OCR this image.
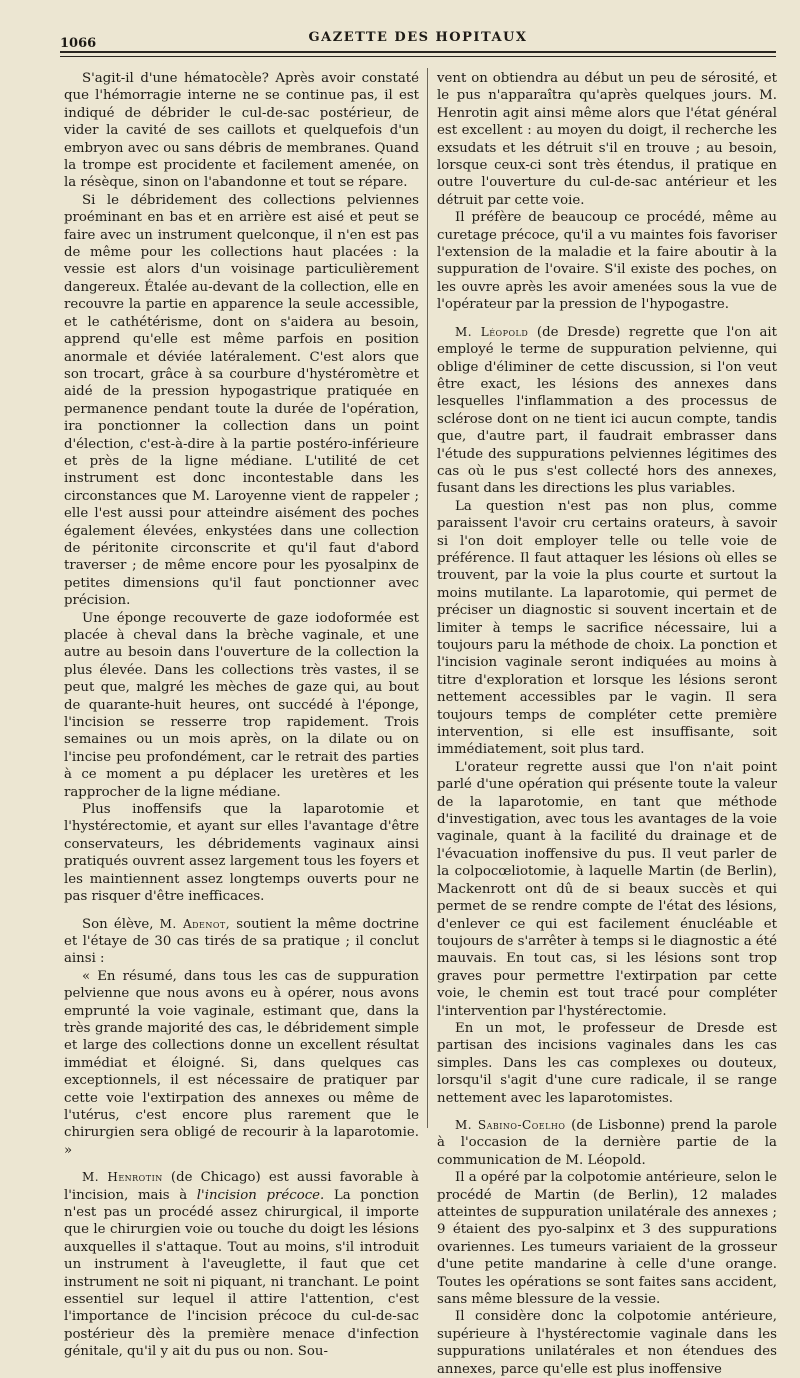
1066	GAZETTE DES HOPITAUX

S'agit-il d'une hématocèle? Après avoir constaté que l'hémorragie interne ne se continue pas, il est indiqué de débrider le cul-de-sac postérieur, de vider la cavité de ses caillots et quelquefois d'un embryon avec ou sans débris de membranes. Quand la trompe est procidente et facilement amenée, on la résèque, sinon on l'abandonne et tout se répare.

Si le débridement des collections pelviennes proéminant en bas et en arrière est aisé et peut se faire avec un instrument quelconque, il n'en est pas de même pour les collections haut placées : la vessie est alors d'un voisinage particulièrement dangereux. Étalée au-devant de la collection, elle en recouvre la partie en apparence la seule accessible, et le cathétérisme, dont on s'aidera au besoin, apprend qu'elle est même parfois en position anormale et déviée latéralement. C'est alors que son trocart, grâce à sa courbure d'hystéromètre et aidé de la pression hypogastrique pratiquée en permanence pendant toute la durée de l'opération, ira ponctionner la collection dans un point d'élection, c'est-à-dire à la partie postéro-inférieure et près de la ligne médiane. L'utilité de cet instrument est donc incontestable dans les circonstances que M. Laroyenne vient de rappeler ; elle l'est aussi pour atteindre aisément des poches également élevées, enkystées dans une collection de péritonite circonscrite et qu'il faut d'abord traverser ; de même encore pour les pyosalpinx de petites dimensions qu'il faut ponctionner avec précision.

Une éponge recouverte de gaze iodoformée est placée à cheval dans la brèche vaginale, et une autre au besoin dans l'ouverture de la collection la plus élevée. Dans les collections très vastes, il se peut que, malgré les mèches de gaze qui, au bout de quarante-huit heures, ont succédé à l'éponge, l'incision se resserre trop rapidement. Trois semaines ou un mois après, on la dilate ou on l'incise peu profondément, car le retrait des parties à ce moment a pu déplacer les uretères et les rapprocher de la ligne médiane.

Plus inoffensifs que la laparotomie et l'hystérectomie, et ayant sur elles l'avantage d'être conservateurs, les débridements vaginaux ainsi pratiqués ouvrent assez largement tous les foyers et les maintiennent assez longtemps ouverts pour ne pas risquer d'être inefficaces.

Son élève, M. Adenot, soutient la même doctrine et l'étaye de 30 cas tirés de sa pratique ; il conclut ainsi :

« En résumé, dans tous les cas de suppuration pelvienne que nous avons eu à opérer, nous avons emprunté la voie vaginale, estimant que, dans la très grande majorité des cas, le débridement simple et large des collections donne un excellent résultat immédiat et éloigné. Si, dans quelques cas exceptionnels, il est nécessaire de pratiquer par cette voie l'extirpation des annexes ou même de l'utérus, c'est encore plus rarement que le chirurgien sera obligé de recourir à la laparotomie. »

M. Henrotin (de Chicago) est aussi favorable à l'incision, mais à l'incision précoce. La ponction n'est pas un procédé assez chirurgical, il importe que le chirurgien voie ou touche du doigt les lésions auxquelles il s'attaque. Tout au moins, s'il introduit un instrument à l'aveuglette, il faut que cet instrument ne soit ni piquant, ni tranchant. Le point essentiel sur lequel il attire l'attention, c'est l'importance de l'incision précoce du cul-de-sac postérieur dès la première menace d'infection génitale, qu'il y ait du pus ou non. Sou-

vent on obtiendra au début un peu de sérosité, et le pus n'apparaîtra qu'après quelques jours. M. Henrotin agit ainsi même alors que l'état général est excellent : au moyen du doigt, il recherche les exsudats et les détruit s'il en trouve ; au besoin, lorsque ceux-ci sont très étendus, il pratique en outre l'ouverture du cul-de-sac antérieur et les détruit par cette voie.

Il préfère de beaucoup ce procédé, même au curetage précoce, qu'il a vu maintes fois favoriser l'extension de la maladie et la faire aboutir à la suppuration de l'ovaire. S'il existe des poches, on les ouvre après les avoir amenées sous la vue de l'opérateur par la pression de l'hypogastre.

M. Léopold (de Dresde) regrette que l'on ait employé le terme de suppuration pelvienne, qui oblige d'éliminer de cette discussion, si l'on veut être exact, les lésions des annexes dans lesquelles l'inflammation a des processus de sclérose dont on ne tient ici aucun compte, tandis que, d'autre part, il faudrait embrasser dans l'étude des suppurations pelviennes légitimes des cas où le pus s'est collecté hors des annexes, fusant dans les directions les plus variables.

La question n'est pas non plus, comme paraissent l'avoir cru certains orateurs, à savoir si l'on doit employer telle ou telle voie de préférence. Il faut attaquer les lésions où elles se trouvent, par la voie la plus courte et surtout la moins mutilante. La laparotomie, qui permet de préciser un diagnostic si souvent incertain et de limiter à temps le sacrifice nécessaire, lui a toujours paru la méthode de choix. La ponction et l'incision vaginale seront indiquées au moins à titre d'exploration et lorsque les lésions seront nettement accessibles par le vagin. Il sera toujours temps de compléter cette première intervention, si elle est insuffisante, soit immédiatement, soit plus tard.

L'orateur regrette aussi que l'on n'ait point parlé d'une opération qui présente toute la valeur de la laparotomie, en tant que méthode d'investigation, avec tous les avantages de la voie vaginale, quant à la facilité du drainage et de l'évacuation inoffensive du pus. Il veut parler de la colpocœliotomie, à laquelle Martin (de Berlin), Mackenrott ont dû de si beaux succès et qui permet de se rendre compte de l'état des lésions, d'enlever ce qui est facilement énucléable et toujours de s'arrêter à temps si le diagnostic a été mauvais. En tout cas, si les lésions sont trop graves pour permettre l'extirpation par cette voie, le chemin est tout tracé pour compléter l'intervention par l'hystérectomie.

En un mot, le professeur de Dresde est partisan des incisions vaginales dans les cas simples. Dans les cas complexes ou douteux, lorsqu'il s'agit d'une cure radicale, il se range nettement avec les laparotomistes.

M. Sabino-Coelho (de Lisbonne) prend la parole à l'occasion de la dernière partie de la communication de M. Léopold.

Il a opéré par la colpotomie antérieure, selon le procédé de Martin (de Berlin), 12 malades atteintes de suppuration unilatérale des annexes ; 9 étaient des pyo-salpinx et 3 des suppurations ovariennes. Les tumeurs variaient de la grosseur d'une petite mandarine à celle d'une orange. Toutes les opérations se sont faites sans accident, sans même blessure de la vessie.

Il considère donc la colpotomie antérieure, supérieure à l'hystérectomie vaginale dans les suppurations unilatérales et non étendues des annexes, parce qu'elle est plus inoffensive
